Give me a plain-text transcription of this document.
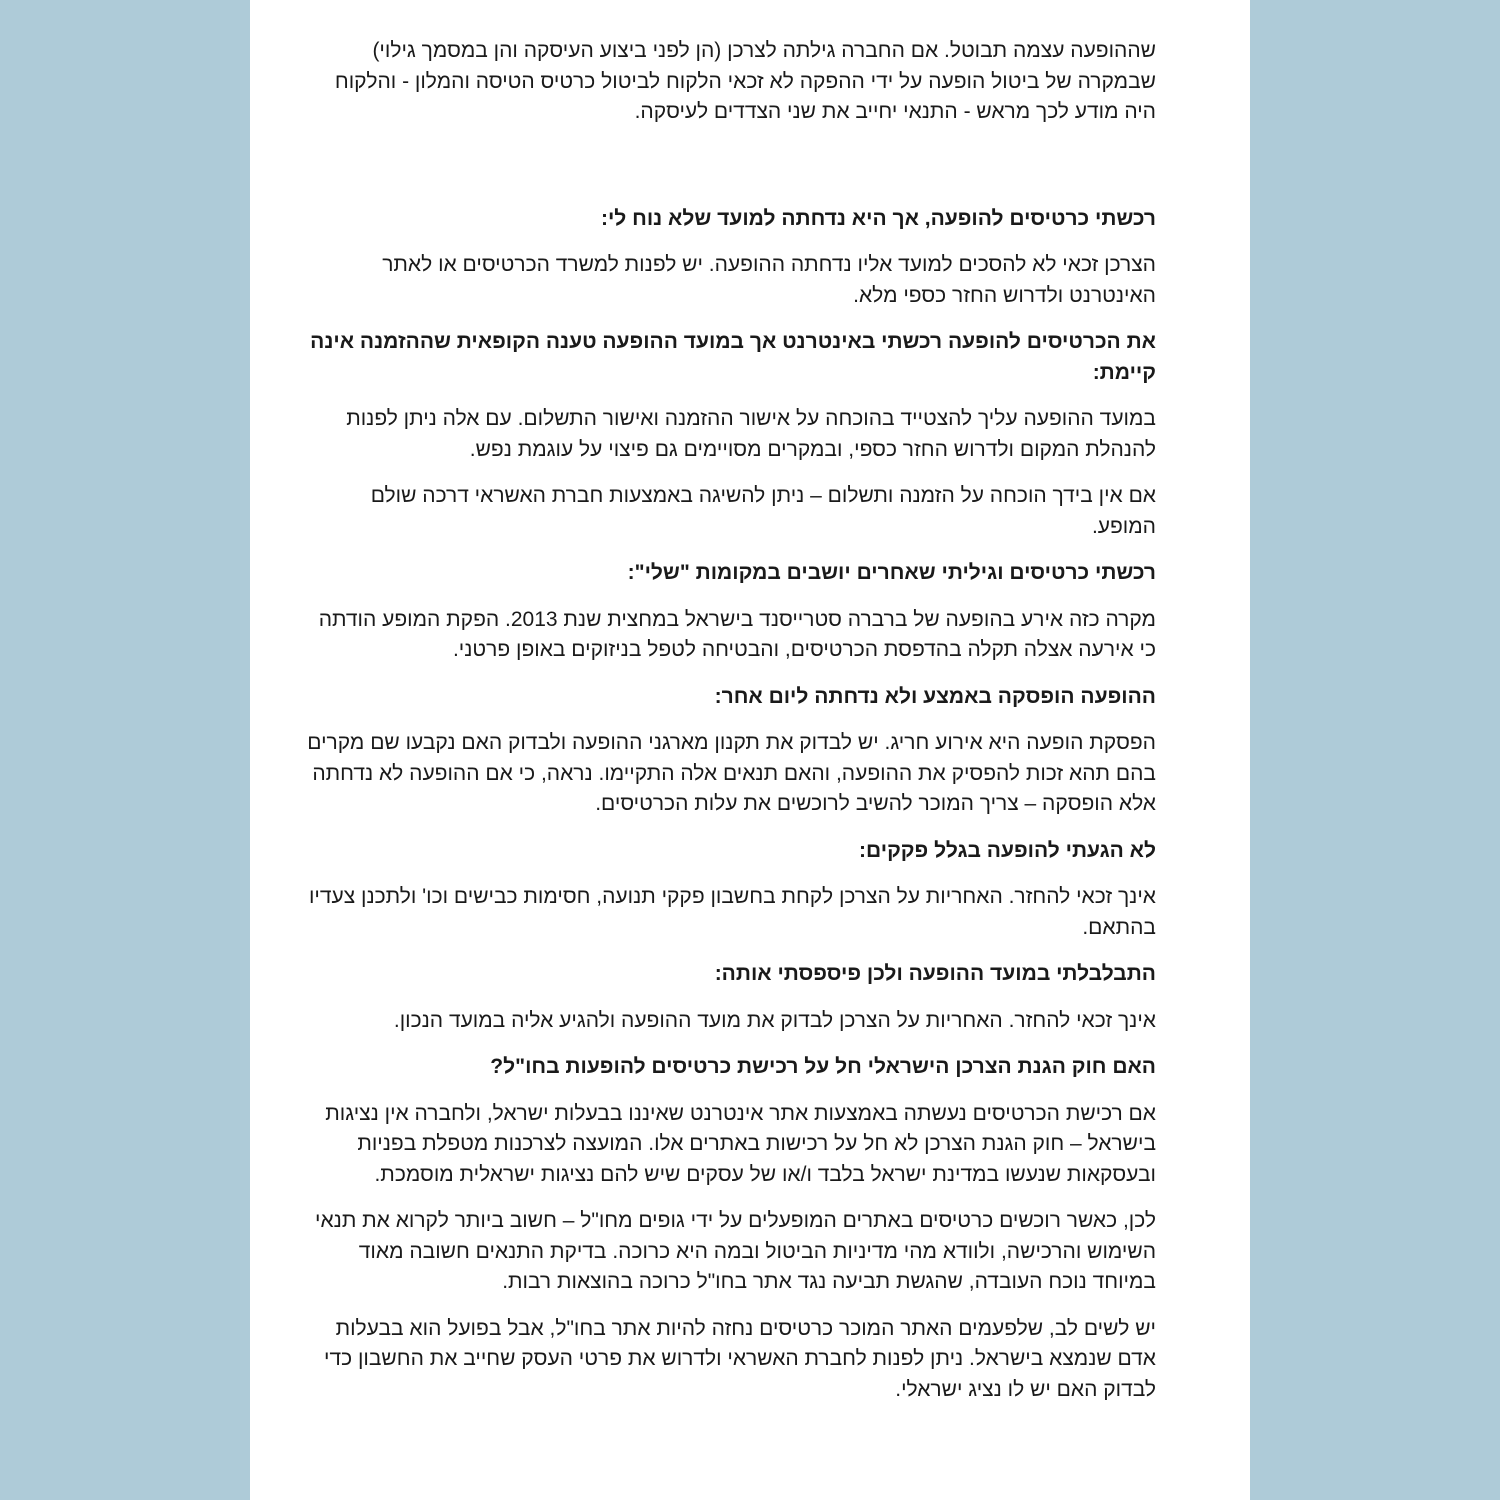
שההופעה עצמה תבוטל. אם החברה גילתה לצרכן (הן לפני ביצוע העיסקה והן במסמך גילוי) שבמקרה של ביטול הופעה על ידי ההפקה לא זכאי הלקוח לביטול כרטיס הטיסה והמלון - והלקוח היה מודע לכך מראש - התנאי יחייב את שני הצדדים לעיסקה.

רכשתי כרטיסים להופעה, אך היא נדחתה למועד שלא נוח לי:

הצרכן זכאי לא להסכים למועד אליו נדחתה ההופעה. יש לפנות למשרד הכרטיסים או לאתר האינטרנט ולדרוש החזר כספי מלא.

את הכרטיסים להופעה רכשתי באינטרנט אך במועד ההופעה טענה הקופאית שההזמנה אינה קיימת:

במועד ההופעה עליך להצטייד בהוכחה על אישור ההזמנה ואישור התשלום. עם אלה ניתן לפנות להנהלת המקום ולדרוש החזר כספי, ובמקרים מסויימים גם פיצוי על עוגמת נפש.

אם אין בידך הוכחה על הזמנה ותשלום – ניתן להשיגה באמצעות חברת האשראי דרכה שולם המופע.

רכשתי כרטיסים וגיליתי שאחרים יושבים במקומות "שלי":

מקרה כזה אירע בהופעה של ברברה סטרייסנד בישראל במחצית שנת 2013. הפקת המופע הודתה כי אירעה אצלה תקלה בהדפסת הכרטיסים, והבטיחה לטפל בניזוקים באופן פרטני.

ההופעה הופסקה באמצע ולא נדחתה ליום אחר:

הפסקת הופעה היא אירוע חריג. יש לבדוק את תקנון מארגני ההופעה ולבדוק האם נקבעו שם מקרים בהם תהא זכות להפסיק את ההופעה, והאם תנאים אלה התקיימו. נראה, כי אם ההופעה לא נדחתה אלא הופסקה – צריך המוכר להשיב לרוכשים את עלות הכרטיסים.

לא הגעתי להופעה בגלל פקקים:

אינך זכאי להחזר. האחריות על הצרכן לקחת בחשבון פקקי תנועה, חסימות כבישים וכו' ולתכנן צעדיו בהתאם.

התבלבלתי במועד ההופעה ולכן פיספסתי אותה:

אינך זכאי להחזר. האחריות על הצרכן לבדוק את מועד ההופעה ולהגיע אליה במועד הנכון.

האם חוק הגנת הצרכן הישראלי חל על רכישת כרטיסים להופעות בחו"ל?

אם רכישת הכרטיסים נעשתה באמצעות אתר אינטרנט שאיננו בבעלות ישראל, ולחברה אין נציגות בישראל – חוק הגנת הצרכן לא חל על רכישות באתרים אלו. המועצה לצרכנות מטפלת בפניות ובעסקאות שנעשו במדינת ישראל בלבד ו/או של עסקים שיש להם נציגות ישראלית מוסמכת.

לכן, כאשר רוכשים כרטיסים באתרים המופעלים על ידי גופים מחו"ל – חשוב ביותר לקרוא את תנאי השימוש והרכישה, ולוודא מהי מדיניות הביטול ובמה היא כרוכה. בדיקת התנאים חשובה מאוד במיוחד נוכח העובדה, שהגשת תביעה נגד אתר בחו"ל כרוכה בהוצאות רבות.

יש לשים לב, שלפעמים האתר המוכר כרטיסים נחזה להיות אתר בחו"ל, אבל בפועל הוא בבעלות אדם שנמצא בישראל. ניתן לפנות לחברת האשראי ולדרוש את פרטי העסק שחייב את החשבון כדי לבדוק האם יש לו נציג ישראלי.
